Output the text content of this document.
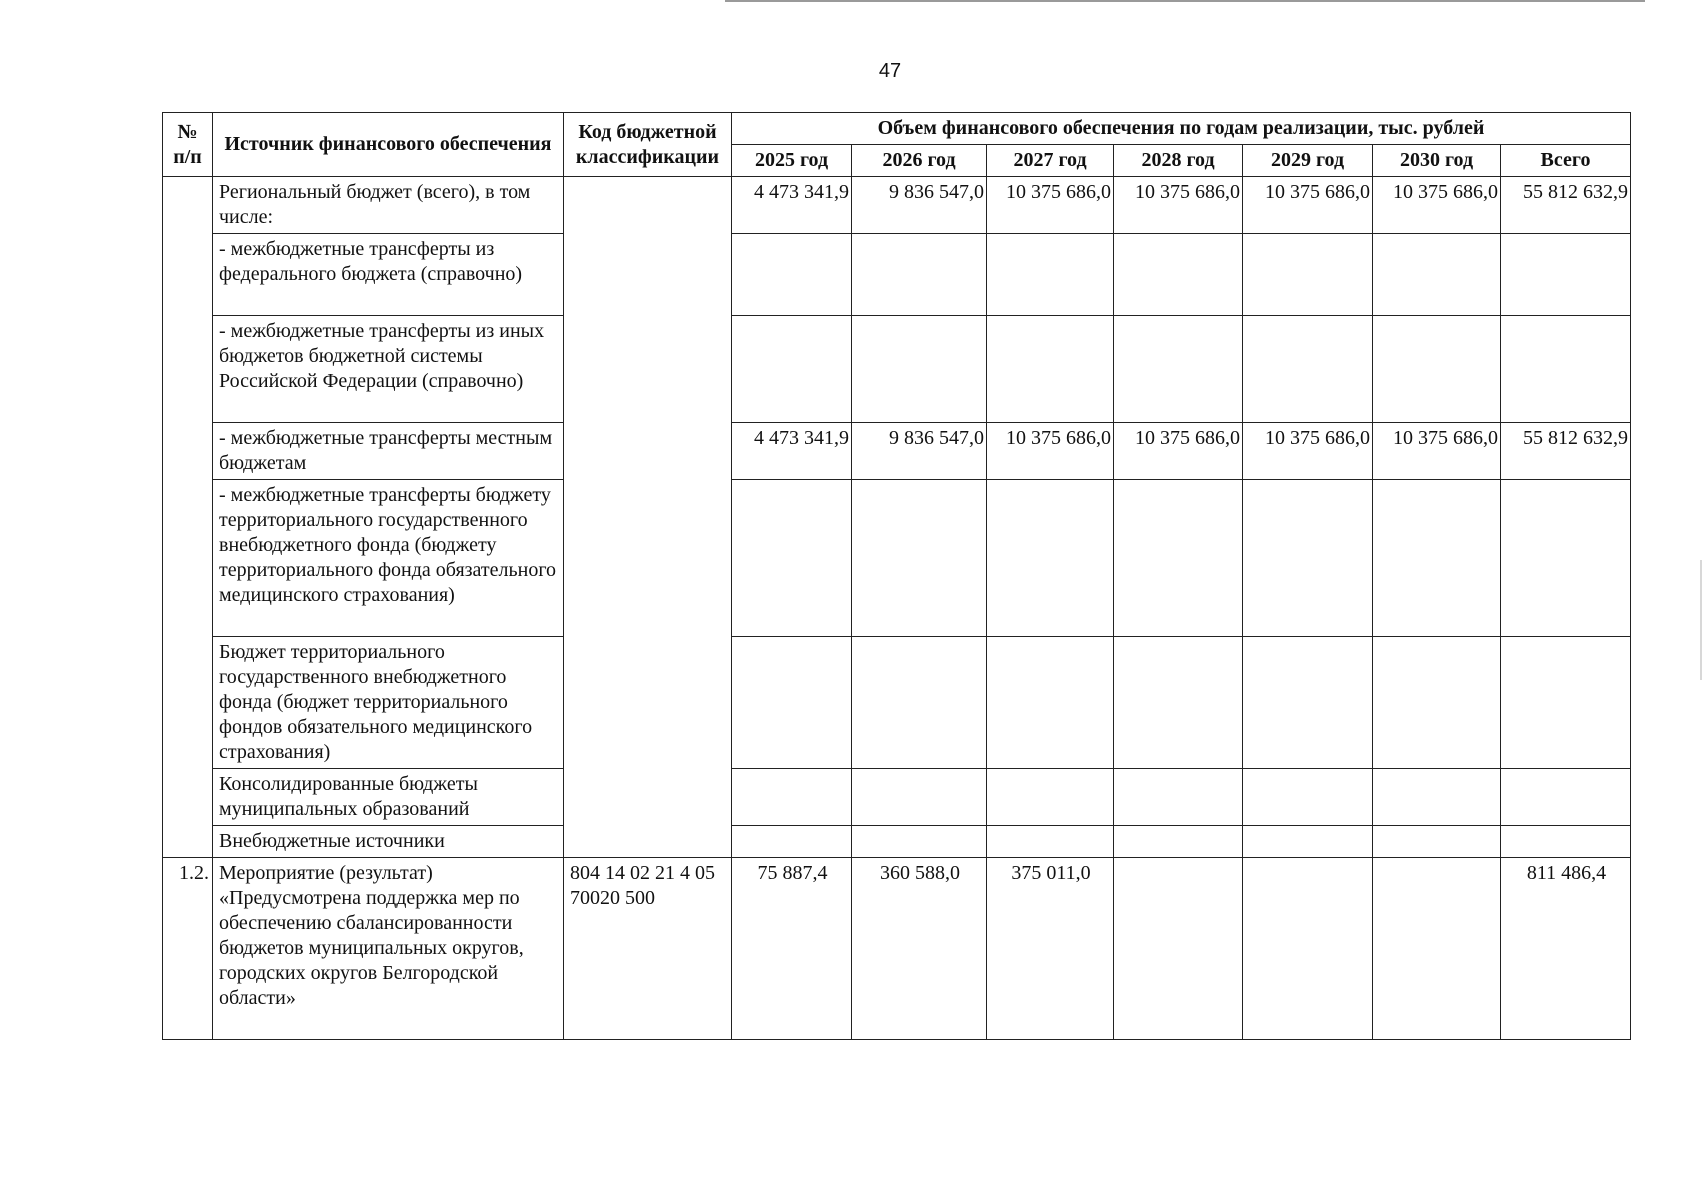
47
№ п/п	Источник финансового обеспечения	Код бюджетной классификации	Объем финансового обеспечения по годам реализации, тыс. рублей						
			2025 год	2026 год	2027 год	2028 год	2029 год	2030 год	Всего
	Региональный бюджет (всего), в том числе:		4 473 341,9	9 836 547,0	10 375 686,0	10 375 686,0	10 375 686,0	10 375 686,0	55 812 632,9
	- межбюджетные трансферты из федерального бюджета (справочно)								
	- межбюджетные трансферты из иных бюджетов бюджетной системы Российской Федерации (справочно)								
	- межбюджетные трансферты местным бюджетам		4 473 341,9	9 836 547,0	10 375 686,0	10 375 686,0	10 375 686,0	10 375 686,0	55 812 632,9
	- межбюджетные трансферты бюджету территориального государственного внебюджетного фонда (бюджету территориального фонда обязательного медицинского страхования)								
	Бюджет территориального государственного внебюджетного фонда (бюджет территориального фондов обязательного медицинского страхования)								
	Консолидированные бюджеты муниципальных образований								
	Внебюджетные источники								
1.2.	Мероприятие (результат) «Предусмотрена поддержка мер по обеспечению сбалансированности бюджетов муниципальных округов, городских округов Белгородской области»	804 14 02 21 4 05 70020 500	75 887,4	360 588,0	375 011,0				811 486,4
